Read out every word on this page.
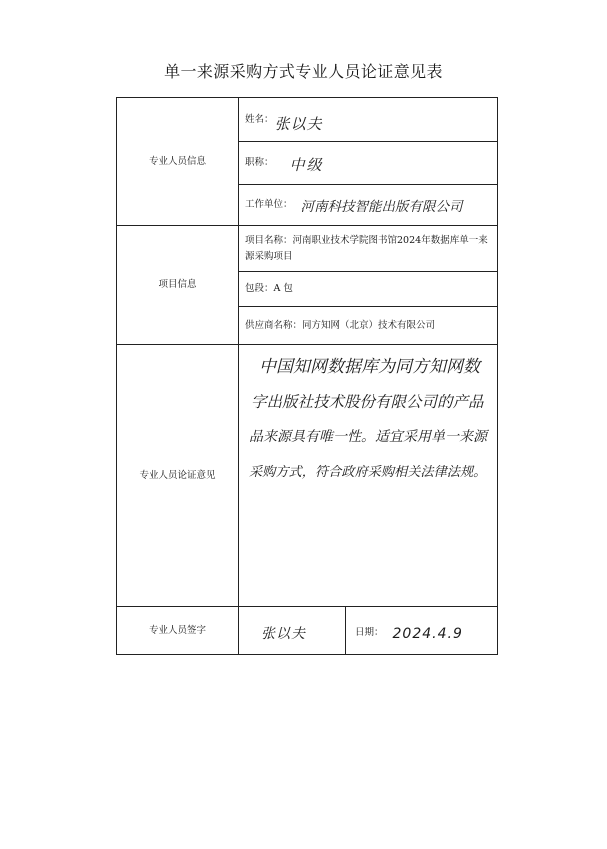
单一来源采购方式专业人员论证意见表
专业人员信息
姓名： 张以夫
职称： 中级
工作单位： 河南科技智能出版有限公司
项目信息
项目名称：河南职业技术学院图书馆2024年数据库单一来源采购项目
包段： A 包
供应商名称： 同方知网（北京）技术有限公司
专业人员论证意见
中国知网数据库为同方知网数
字出版社技术股份有限公司的产品
品来源具有唯一性。适宜采用单一来源
采购方式，符合政府采购相关法律法规。
专业人员签字	张以夫	日期： 2024.4.9
